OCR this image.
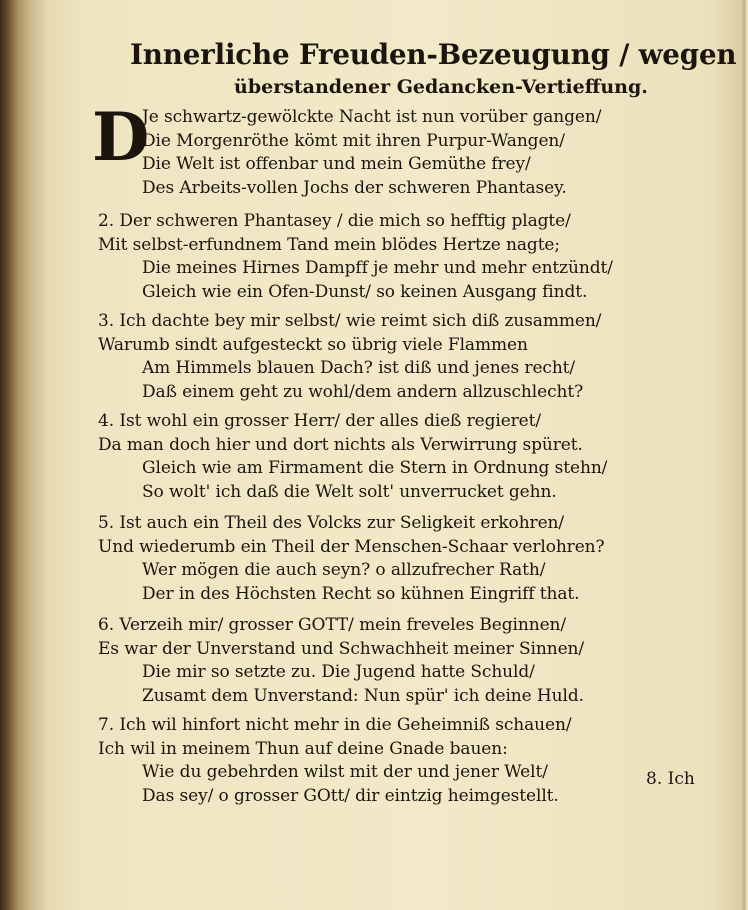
Innerliche Freuden-Bezeugung / wegen
überstandener Gedancken-Vertieffung.
D
Je schwartz-gewölckte Nacht ist nun vorüber gangen/
Die Morgenröthe kömt mit ihren Purpur-Wangen/
Die Welt ist offenbar und mein Gemüthe frey/
Des Arbeits-vollen Jochs der schweren Phantasey.
2. Der schweren Phantasey / die mich so hefftig plagte/
Mit selbst-erfundnem Tand mein blödes Hertze nagte;
Die meines Hirnes Dampff je mehr und mehr entzündt/
Gleich wie ein Ofen-Dunst/ so keinen Ausgang findt.
3. Ich dachte bey mir selbst/ wie reimt sich diß zusammen/
Warumb sindt aufgesteckt so übrig viele Flammen
Am Himmels blauen Dach? ist diß und jenes recht/
Daß einem geht zu wohl/dem andern allzuschlecht?
4. Ist wohl ein grosser Herr/ der alles dieß regieret/
Da man doch hier und dort nichts als Verwirrung spüret.
Gleich wie am Firmament die Stern in Ordnung stehn/
So wolt' ich daß die Welt solt' unverrucket gehn.
5. Ist auch ein Theil des Volcks zur Seligkeit erkohren/
Und wiederumb ein Theil der Menschen-Schaar verlohren?
Wer mögen die auch seyn? o allzufrecher Rath/
Der in des Höchsten Recht so kühnen Eingriff that.
6. Verzeih mir/ grosser GOTT/ mein freveles Beginnen/
Es war der Unverstand und Schwachheit meiner Sinnen/
Die mir so setzte zu. Die Jugend hatte Schuld/
Zusamt dem Unverstand: Nun spür' ich deine Huld.
7. Ich wil hinfort nicht mehr in die Geheimniß schauen/
Ich wil in meinem Thun auf deine Gnade bauen:
Wie du gebehrden wilst mit der und jener Welt/
Das sey/ o grosser GOtt/ dir eintzig heimgestellt.
8. Ich
